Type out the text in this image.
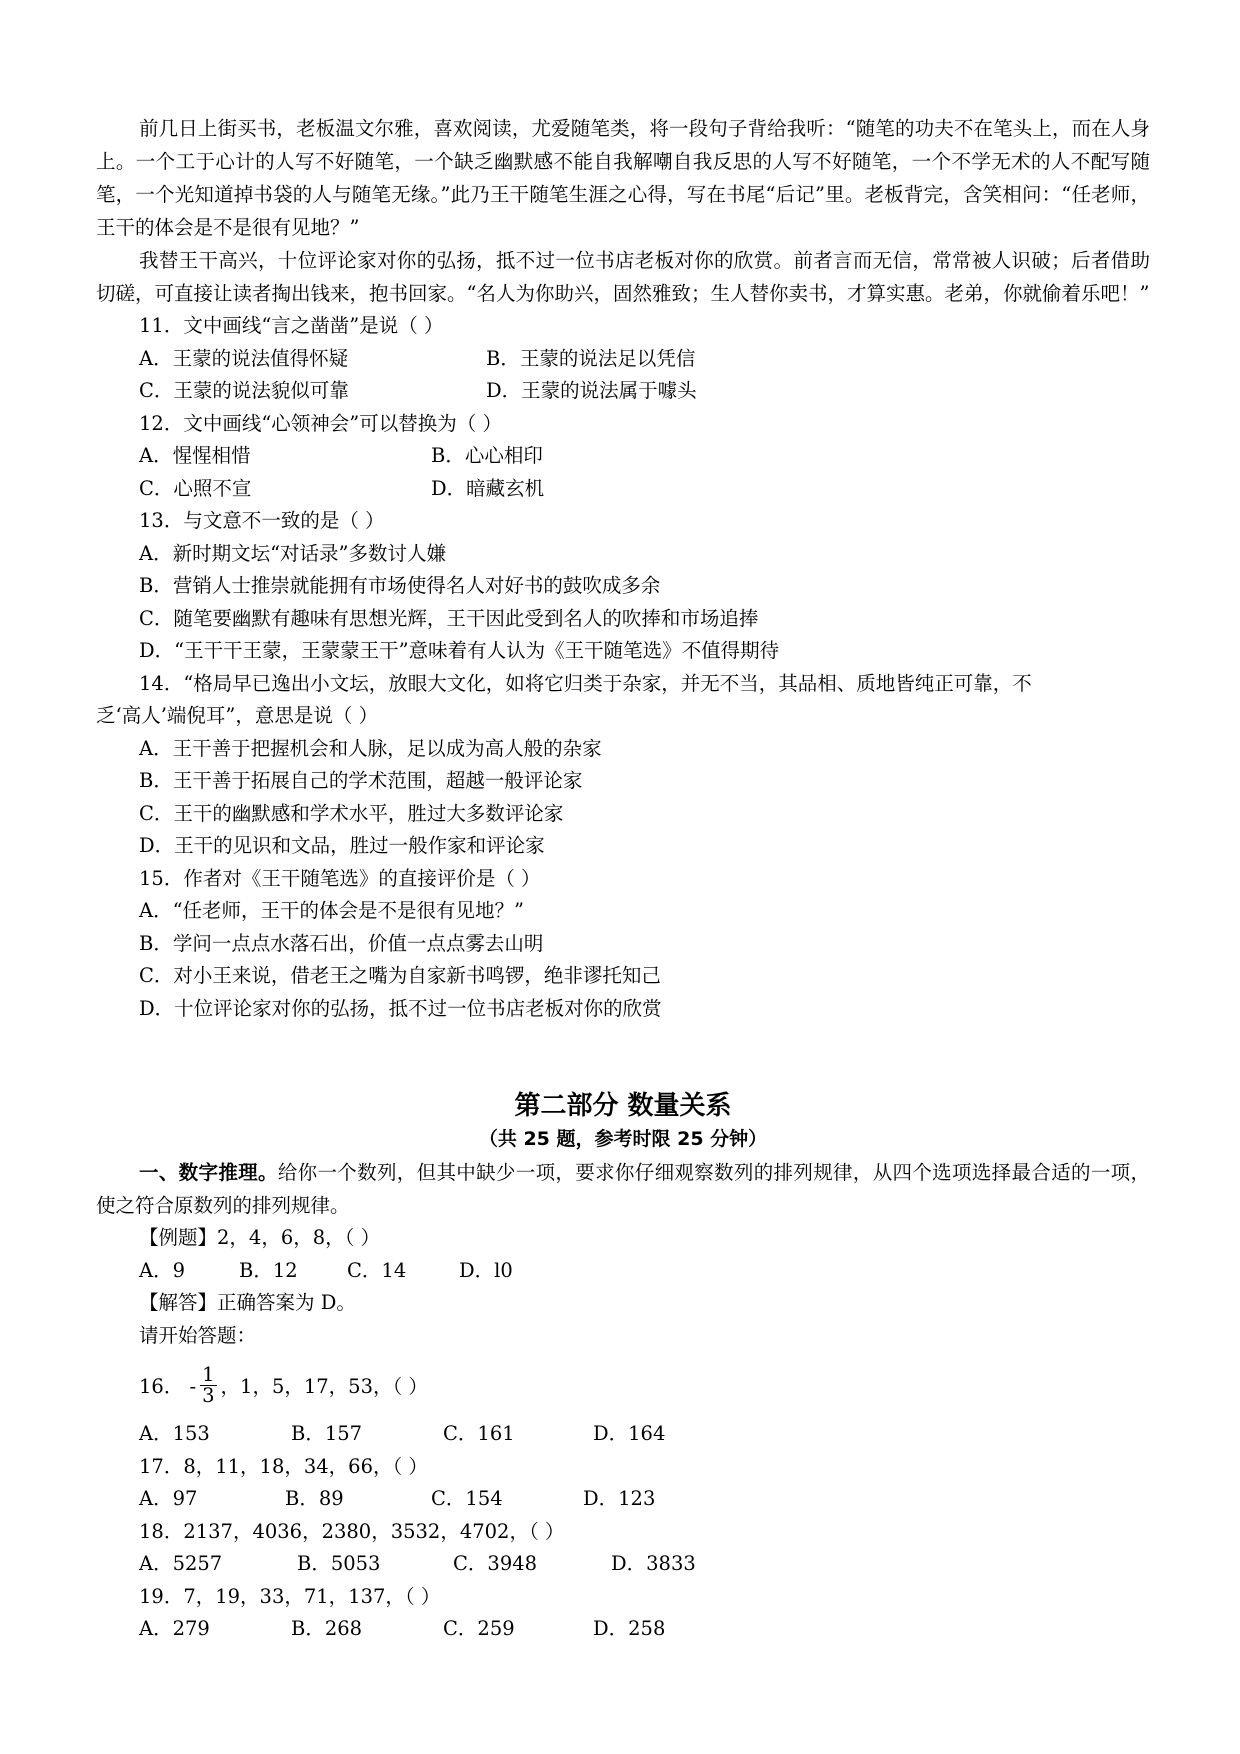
前几日上街买书，老板温文尔雅，喜欢阅读，尤爱随笔类，将一段句子背给我听：“随笔的功夫不在笔头上，而在人身上。一个工于心计的人写不好随笔，一个缺乏幽默感不能自我解嘲自我反思的人写不好随笔，一个不学无术的人不配写随笔，一个光知道掉书袋的人与随笔无缘。”此乃王干随笔生涯之心得，写在书尾“后记”里。老板背完，含笑相问：“任老师，王干的体会是不是很有见地？”

我替王干高兴，十位评论家对你的弘扬，抵不过一位书店老板对你的欣赏。前者言而无信，常常被人识破；后者借助切磋，可直接让读者掏出钱来，抱书回家。“名人为你助兴，固然雅致；生人替你卖书，才算实惠。老弟，你就偷着乐吧！”

11．文中画线“言之凿凿”是说（ ）
A．王蒙的说法值得怀疑	B．王蒙的说法足以凭信
C．王蒙的说法貌似可靠	D．王蒙的说法属于噱头
12．文中画线“心领神会”可以替换为（ ）
A．惺惺相惜	B．心心相印
C．心照不宣	D．暗藏玄机
13．与文意不一致的是（ ）
A．新时期文坛“对话录”多数讨人嫌
B．营销人士推崇就能拥有市场使得名人对好书的鼓吹成多余
C．随笔要幽默有趣味有思想光辉，王干因此受到名人的吹捧和市场追捧
D．“王干干王蒙，王蒙蒙王干”意味着有人认为《王干随笔选》不值得期待
14．“格局早已逸出小文坛，放眼大文化，如将它归类于杂家，并无不当，其品相、质地皆纯正可靠，不
乏‘高人’端倪耳”，意思是说（ ）
A．王干善于把握机会和人脉，足以成为高人般的杂家
B．王干善于拓展自己的学术范围，超越一般评论家
C．王干的幽默感和学术水平，胜过大多数评论家
D．王干的见识和文品，胜过一般作家和评论家
15．作者对《王干随笔选》的直接评价是（ ）
A．“任老师，王干的体会是不是很有见地？”
B．学问一点点水落石出，价值一点点雾去山明
C．对小王来说，借老王之嘴为自家新书鸣锣，绝非谬托知己
D．十位评论家对你的弘扬，抵不过一位书店老板对你的欣赏
第二部分 数量关系
（共 25 题，参考时限 25 分钟）

一、数字推理。给你一个数列，但其中缺少一项，要求你仔细观察数列的排列规律，从四个选项选择最合适的一项，使之符合原数列的排列规律。

【例题】2，4，6，8，（ ）
A．9	B．12	C．14	D．l0
【解答】正确答案为 D。
请开始答题：
16． - $\frac{1}{3}$ ，1，5，17，53，（ ）
A．153	B．157	C．161	D．164
17．8，11，18，34，66，（ ）
A．97	B．89	C．154	D．123
18．2137，4036，2380，3532，4702，（ ）
A．5257	B．5053	C．3948	D．3833
19．7，19，33，71，137，（ ）
A．279	B．268	C．259	D．258
